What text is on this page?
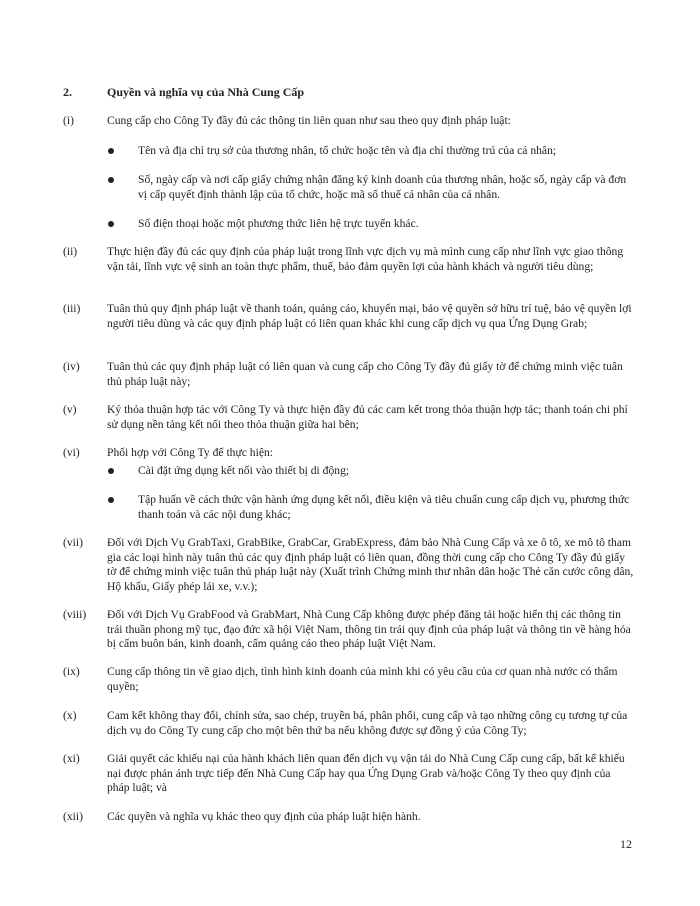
2.	Quyền và nghĩa vụ của Nhà Cung Cấp
(i)	Cung cấp cho Công Ty đầy đủ các thông tin liên quan như sau theo quy định pháp luật:
Tên và địa chỉ trụ sở của thương nhân, tổ chức hoặc tên và địa chỉ thường trú của cá nhân;
Số, ngày cấp và nơi cấp giấy chứng nhận đăng ký kinh doanh của thương nhân, hoặc số, ngày cấp và đơn vị cấp quyết định thành lập của tổ chức, hoặc mã số thuế cá nhân của cá nhân.
Số điện thoại hoặc một phương thức liên hệ trực tuyến khác.
(ii)	Thực hiện đầy đủ các quy định của pháp luật trong lĩnh vực dịch vụ mà mình cung cấp như lĩnh vực giao thông vận tải, lĩnh vực vệ sinh an toàn thực phẩm, thuế, bảo đảm quyền lợi của hành khách và người tiêu dùng;
(iii) Tuân thủ quy định pháp luật về thanh toán, quảng cáo, khuyến mại, bảo vệ quyền sở hữu trí tuệ, bảo vệ quyền lợi người tiêu dùng và các quy định pháp luật có liên quan khác khi cung cấp dịch vụ qua Ứng Dụng Grab;
(iv) Tuân thủ các quy định pháp luật có liên quan và cung cấp cho Công Ty đầy đủ giấy tờ để chứng minh việc tuân thủ pháp luật này;
(v)	Ký thỏa thuận hợp tác với Công Ty và thực hiện đầy đủ các cam kết trong thỏa thuận hợp tác; thanh toán chi phí sử dụng nền tảng kết nối theo thỏa thuận giữa hai bên;
(vi) Phối hợp với Công Ty để thực hiện:
Cài đặt ứng dụng kết nối vào thiết bị di động;
Tập huấn về cách thức vận hành ứng dụng kết nối, điều kiện và tiêu chuẩn cung cấp dịch vụ, phương thức thanh toán và các nội dung khác;
(vii) Đối với Dịch Vụ GrabTaxi, GrabBike, GrabCar, GrabExpress, đảm bảo Nhà Cung Cấp và xe ô tô, xe mô tô tham gia các loại hình này tuân thủ các quy định pháp luật có liên quan, đồng thời cung cấp cho Công Ty đầy đủ giấy tờ để chứng minh việc tuân thủ pháp luật này (Xuất trình Chứng minh thư nhân dân hoặc Thẻ căn cước công dân, Hộ khẩu, Giấy phép lái xe, v.v.);
(viii) Đối với Dịch Vụ GrabFood và GrabMart, Nhà Cung Cấp không được phép đăng tải hoặc hiển thị các thông tin trái thuần phong mỹ tục, đạo đức xã hội Việt Nam, thông tin trái quy định của pháp luật và thông tin về hàng hóa bị cấm buôn bán, kinh doanh, cấm quảng cáo theo pháp luật Việt Nam.
(ix) Cung cấp thông tin về giao dịch, tình hình kinh doanh của mình khi có yêu cầu của cơ quan nhà nước có thẩm quyền;
(x)	Cam kết không thay đổi, chỉnh sửa, sao chép, truyền bá, phân phối, cung cấp và tạo những công cụ tương tự của dịch vụ do Công Ty cung cấp cho một bên thứ ba nếu không được sự đồng ý của Công Ty;
(xi) Giải quyết các khiếu nại của hành khách liên quan đến dịch vụ vận tải do Nhà Cung Cấp cung cấp, bất kể khiếu nại được phản ánh trực tiếp đến Nhà Cung Cấp hay qua Ứng Dụng Grab và/hoặc Công Ty theo quy định của pháp luật; và
(xii) Các quyền và nghĩa vụ khác theo quy định của pháp luật hiện hành.
12
